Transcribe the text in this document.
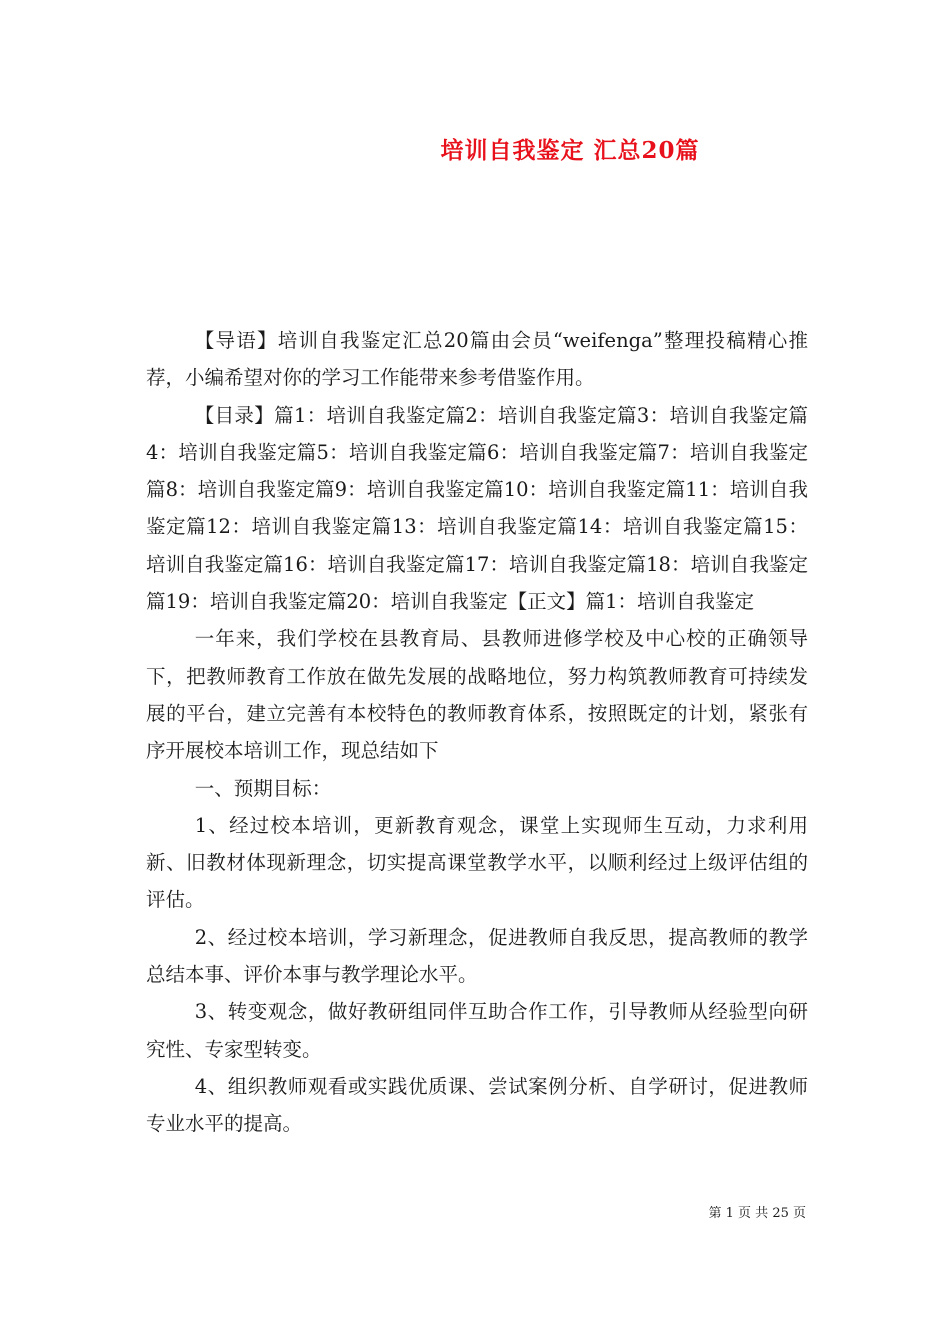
培训自我鉴定 汇总20篇

【导语】培训自我鉴定汇总20篇由会员“weifenga”整理投稿精心推荐，小编希望对你的学习工作能带来参考借鉴作用。

【目录】篇1：培训自我鉴定篇2：培训自我鉴定篇3：培训自我鉴定篇4：培训自我鉴定篇5：培训自我鉴定篇6：培训自我鉴定篇7：培训自我鉴定篇8：培训自我鉴定篇9：培训自我鉴定篇10：培训自我鉴定篇11：培训自我鉴定篇12：培训自我鉴定篇13：培训自我鉴定篇14：培训自我鉴定篇15：培训自我鉴定篇16：培训自我鉴定篇17：培训自我鉴定篇18：培训自我鉴定篇19：培训自我鉴定篇20：培训自我鉴定【正文】篇1：培训自我鉴定

一年来，我们学校在县教育局、县教师进修学校及中心校的正确领导下，把教师教育工作放在做先发展的战略地位，努力构筑教师教育可持续发展的平台，建立完善有本校特色的教师教育体系，按照既定的计划，紧张有序开展校本培训工作，现总结如下

一、预期目标：

1、经过校本培训，更新教育观念，课堂上实现师生互动，力求利用新、旧教材体现新理念，切实提高课堂教学水平，以顺利经过上级评估组的评估。

2、经过校本培训，学习新理念，促进教师自我反思，提高教师的教学总结本事、评价本事与教学理论水平。

3、转变观念，做好教研组同伴互助合作工作，引导教师从经验型向研究性、专家型转变。

4、组织教师观看或实践优质课、尝试案例分析、自学研讨，促进教师专业水平的提高。

第 1 页 共 25 页
